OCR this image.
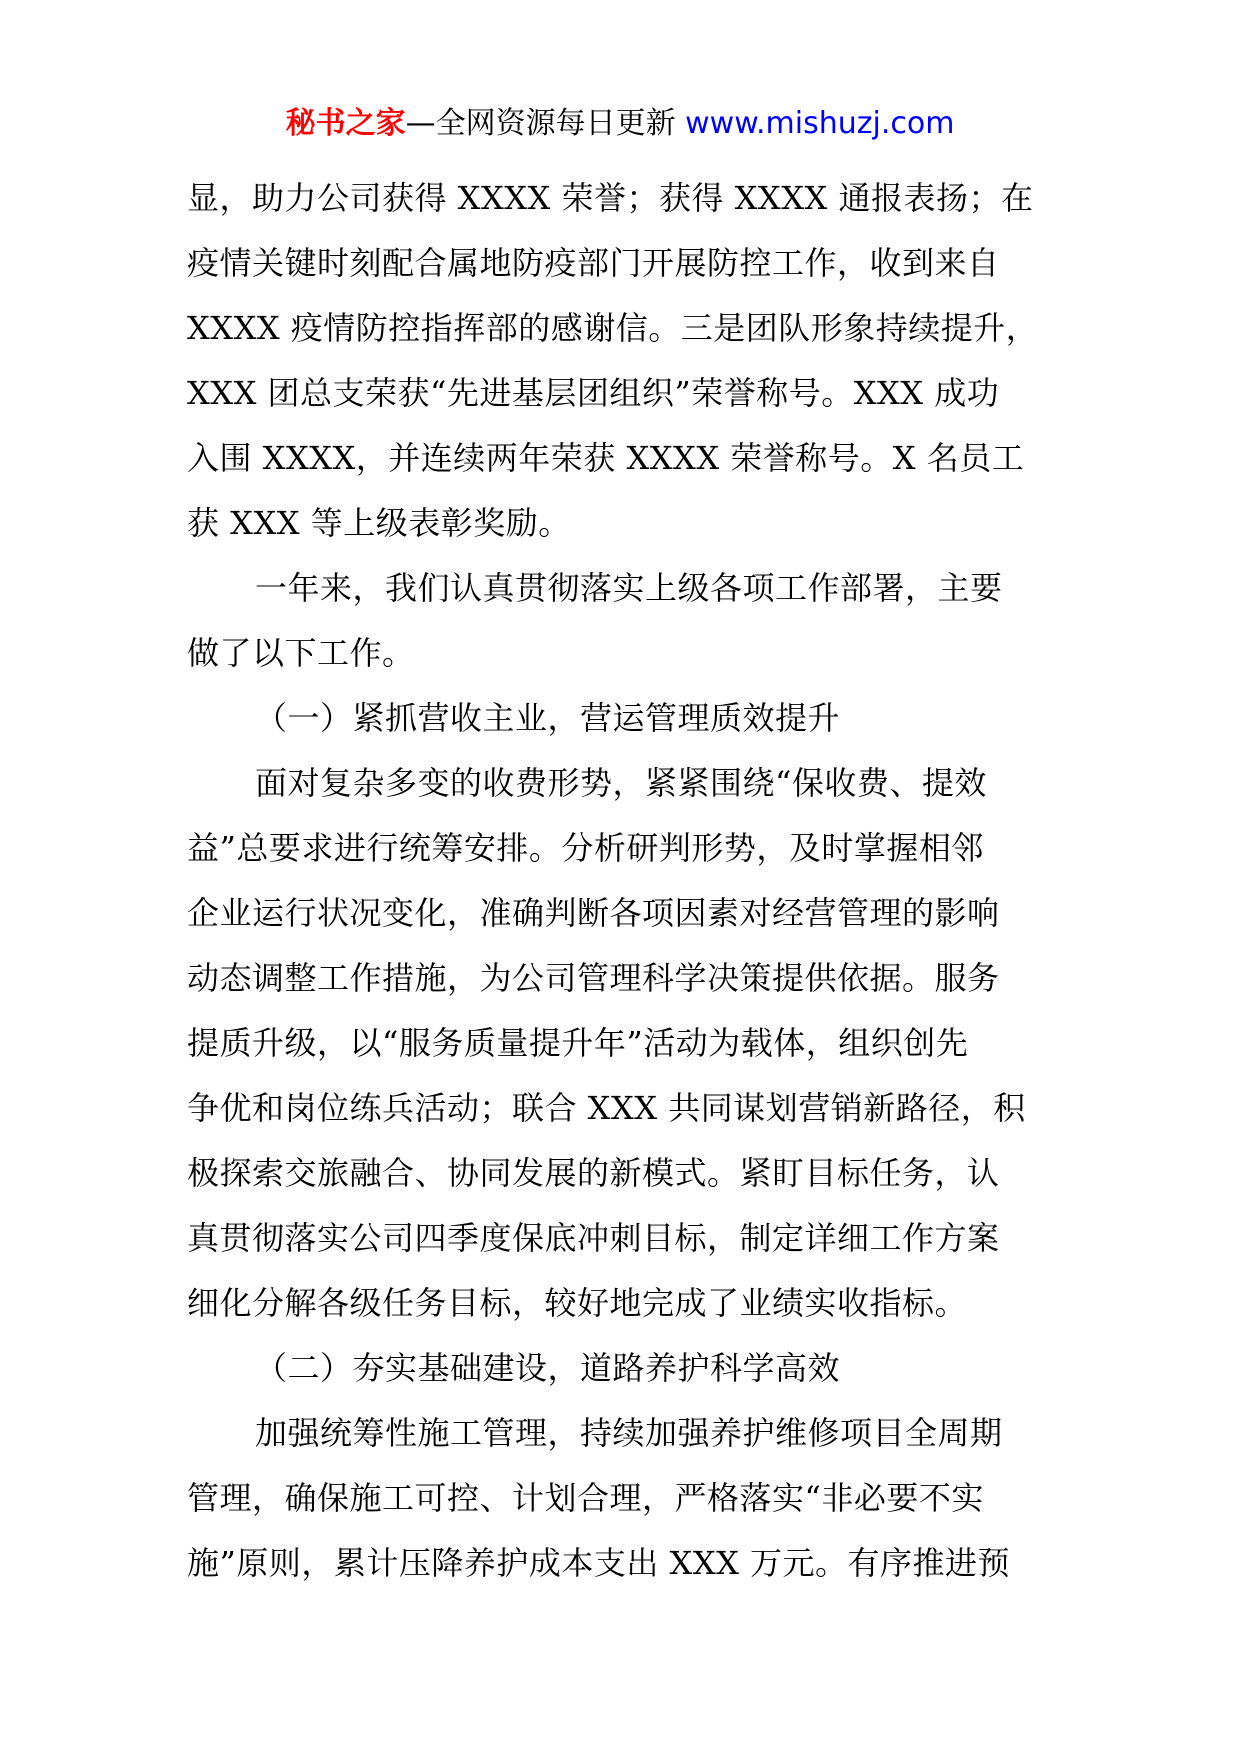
秘书之家—全网资源每日更新 www.mishuzj.com
显，助力公司获得 XXXX 荣誉；获得 XXXX 通报表扬；在
疫情关键时刻配合属地防疫部门开展防控工作，收到来自
XXXX 疫情防控指挥部的感谢信。三是团队形象持续提升，
XXX 团总支荣获“先进基层团组织”荣誉称号。XXX 成功
入围 XXXX，并连续两年荣获 XXXX 荣誉称号。X 名员工
获 XXX 等上级表彰奖励。
一年来，我们认真贯彻落实上级各项工作部署，主要
做了以下工作。
（一）紧抓营收主业，营运管理质效提升
面对复杂多变的收费形势，紧紧围绕“保收费、提效
益”总要求进行统筹安排。分析研判形势，及时掌握相邻
企业运行状况变化，准确判断各项因素对经营管理的影响
动态调整工作措施，为公司管理科学决策提供依据。服务
提质升级，以“服务质量提升年”活动为载体，组织创先
争优和岗位练兵活动；联合 XXX 共同谋划营销新路径，积
极探索交旅融合、协同发展的新模式。紧盯目标任务，认
真贯彻落实公司四季度保底冲刺目标，制定详细工作方案
细化分解各级任务目标，较好地完成了业绩实收指标。
（二）夯实基础建设，道路养护科学高效
加强统筹性施工管理，持续加强养护维修项目全周期
管理，确保施工可控、计划合理，严格落实“非必要不实
施”原则，累计压降养护成本支出 XXX 万元。有序推进预
